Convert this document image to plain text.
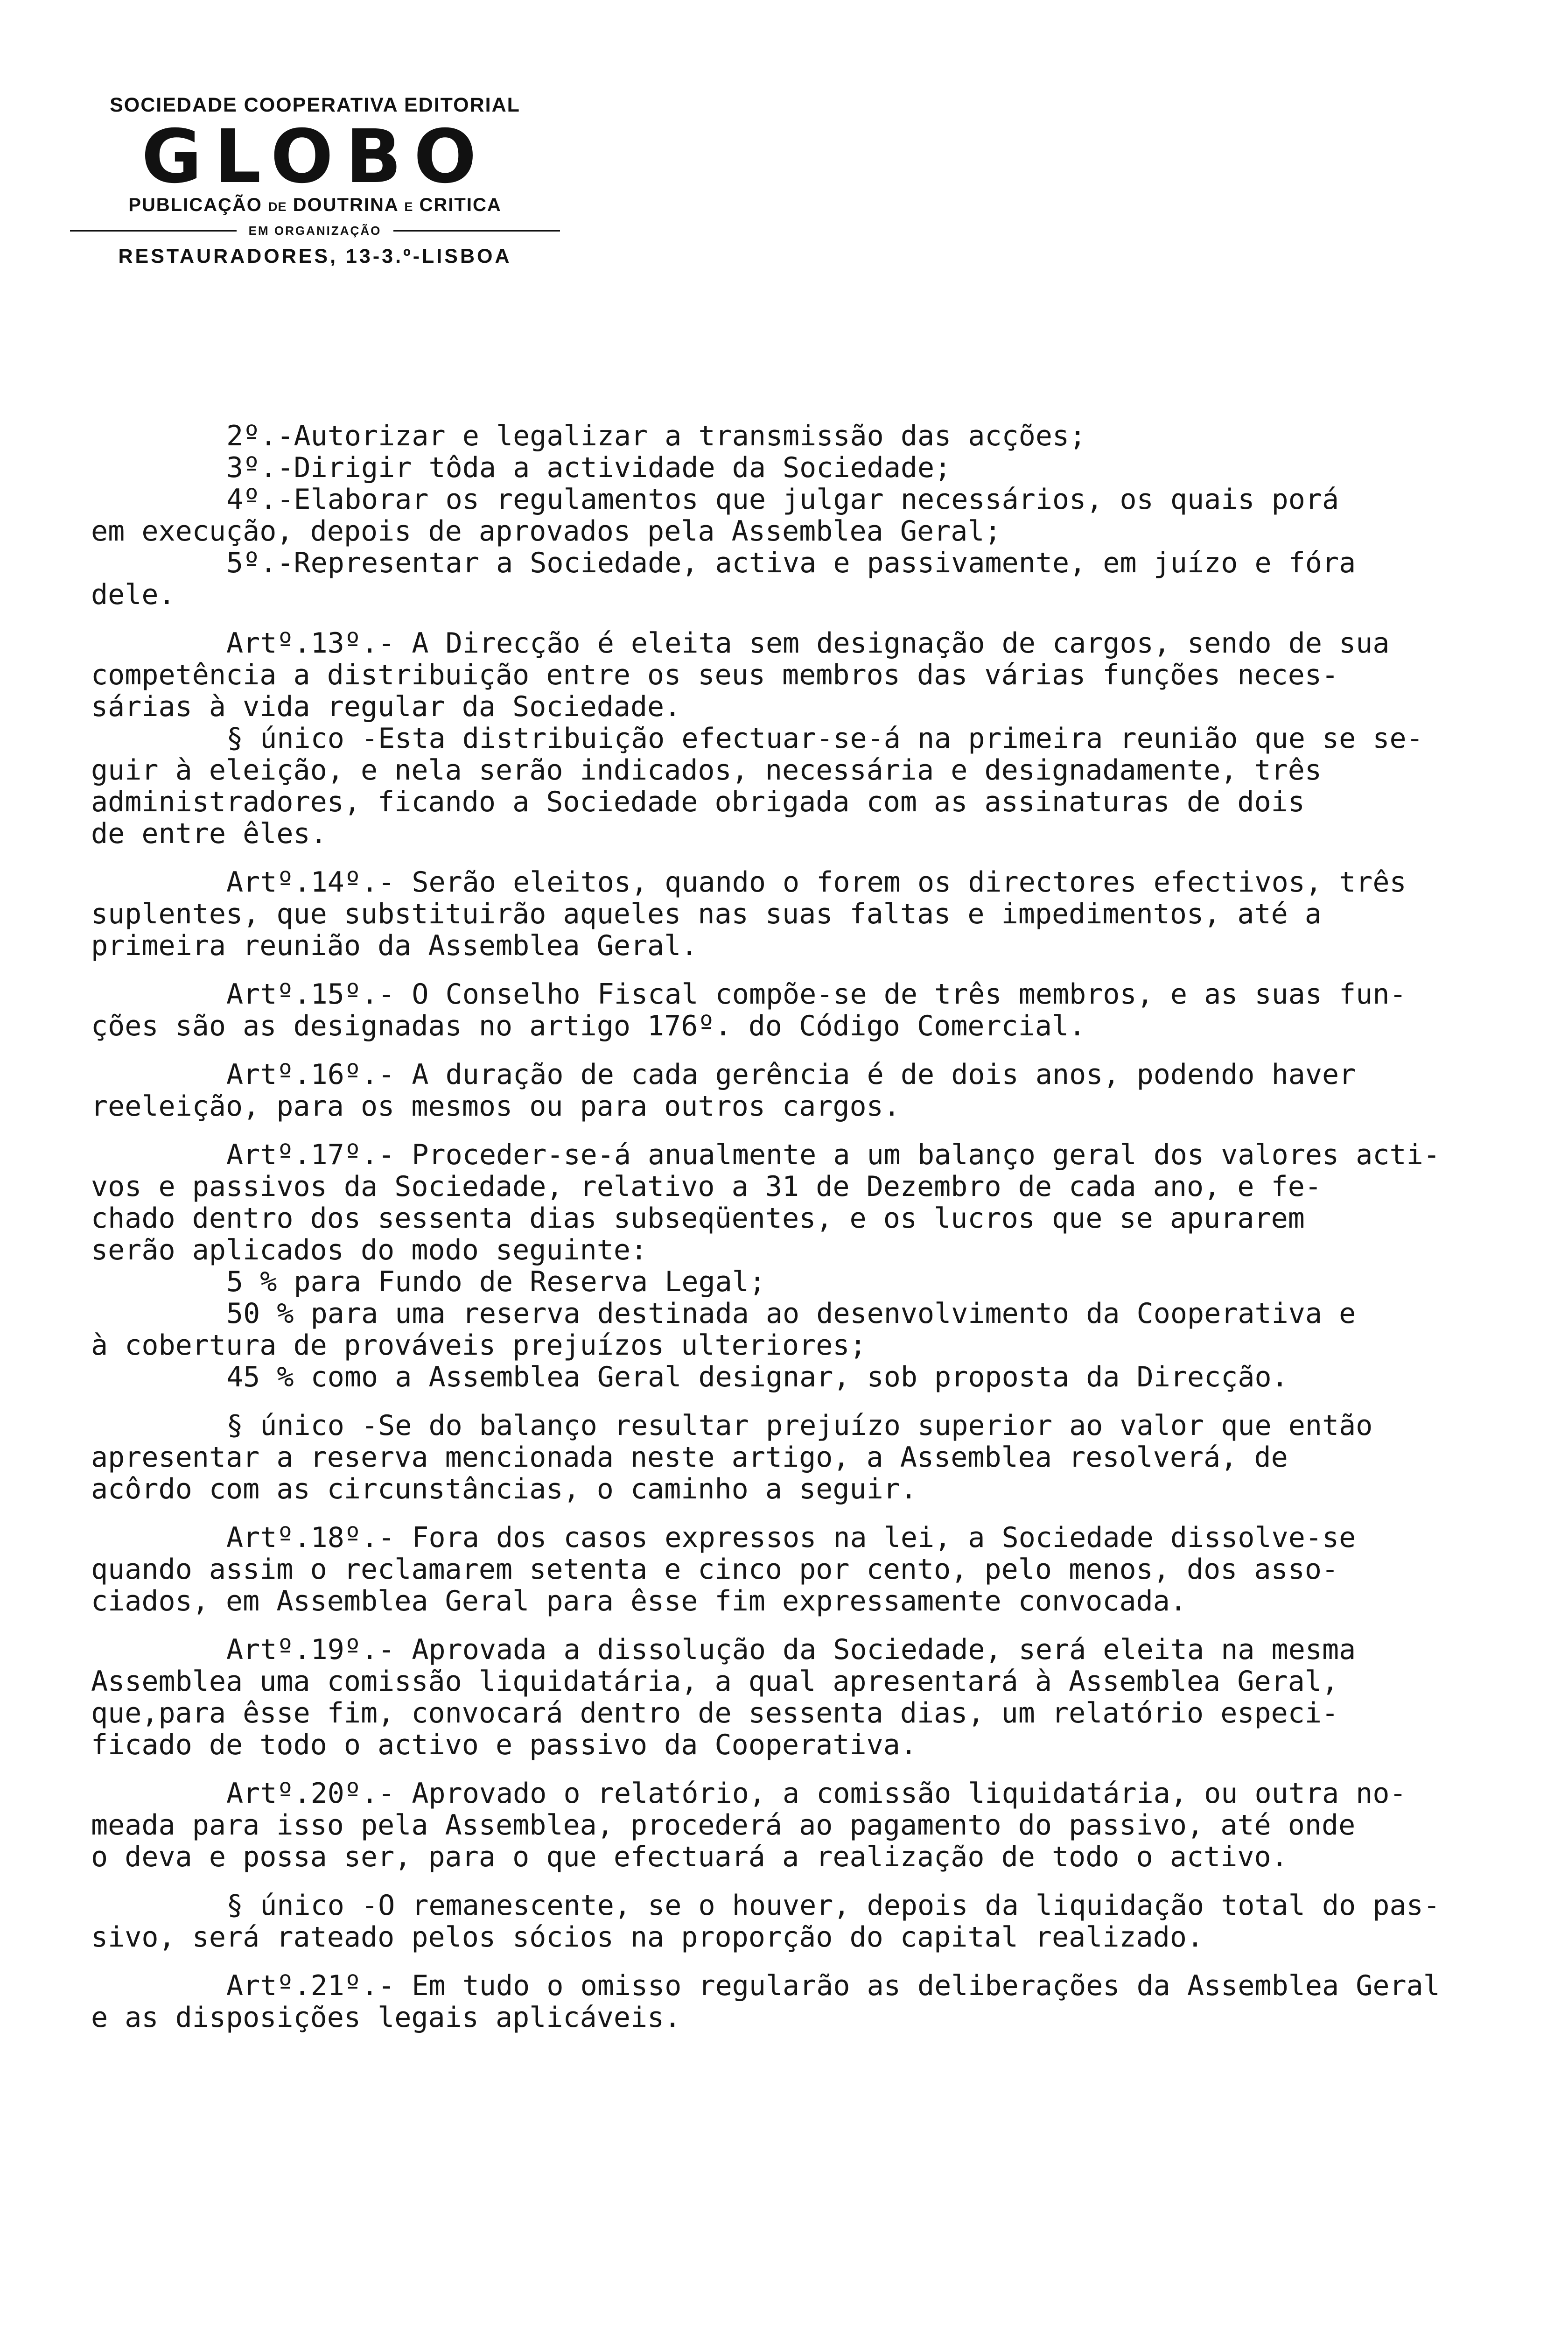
SOCIEDADE COOPERATIVA EDITORIAL
GLOBO
PUBLICAÇÃO DE DOUTRINA E CRITICA
EM ORGANIZAÇÃO
RESTAURADORES, 13-3.º-LISBOA

2º.-Autorizar e legalizar a transmissão das acções;

3º.-Dirigir tôda a actividade da Sociedade;

4º.-Elaborar os regulamentos que julgar necessários, os quais porá

em execução, depois de aprovados pela Assemblea Geral;

5º.-Representar a Sociedade, activa e passivamente, em juízo e fóra

dele.

Artº.13º.- A Direcção é eleita sem designação de cargos, sendo de sua

competência a distribuição entre os seus membros das várias funções neces-

sárias à vida regular da Sociedade.

§ único -Esta distribuição efectuar-se-á na primeira reunião que se se-

guir à eleição, e nela serão indicados, necessária e designadamente, três

administradores, ficando a Sociedade obrigada com as assinaturas de dois

de entre êles.

Artº.14º.- Serão eleitos, quando o forem os directores efectivos, três

suplentes, que substituirão aqueles nas suas faltas e impedimentos, até a

primeira reunião da Assemblea Geral.

Artº.15º.- O Conselho Fiscal compõe-se de três membros, e as suas fun-

ções são as designadas no artigo 176º. do Código Comercial.

Artº.16º.- A duração de cada gerência é de dois anos, podendo haver

reeleição, para os mesmos ou para outros cargos.

Artº.17º.- Proceder-se-á anualmente a um balanço geral dos valores acti-

vos e passivos da Sociedade, relativo a 31 de Dezembro de cada ano, e fe-

chado dentro dos sessenta dias subseqüentes, e os lucros que se apurarem

serão aplicados do modo seguinte:

5 % para Fundo de Reserva Legal;

50 % para uma reserva destinada ao desenvolvimento da Cooperativa e

à cobertura de prováveis prejuízos ulteriores;

45 % como a Assemblea Geral designar, sob proposta da Direcção.

§ único -Se do balanço resultar prejuízo superior ao valor que então

apresentar a reserva mencionada neste artigo, a Assemblea resolverá, de

acôrdo com as circunstâncias, o caminho a seguir.

Artº.18º.- Fora dos casos expressos na lei, a Sociedade dissolve-se

quando assim o reclamarem setenta e cinco por cento, pelo menos, dos asso-

ciados, em Assemblea Geral para êsse fim expressamente convocada.

Artº.19º.- Aprovada a dissolução da Sociedade, será eleita na mesma

Assemblea uma comissão liquidatária, a qual apresentará à Assemblea Geral,

que,para êsse fim, convocará dentro de sessenta dias, um relatório especi-

ficado de todo o activo e passivo da Cooperativa.

Artº.20º.- Aprovado o relatório, a comissão liquidatária, ou outra no-

meada para isso pela Assemblea, procederá ao pagamento do passivo, até onde

o deva e possa ser, para o que efectuará a realização de todo o activo.

§ único -O remanescente, se o houver, depois da liquidação total do pas-

sivo, será rateado pelos sócios na proporção do capital realizado.

Artº.21º.- Em tudo o omisso regularão as deliberações da Assemblea Geral

e as disposições legais aplicáveis.
